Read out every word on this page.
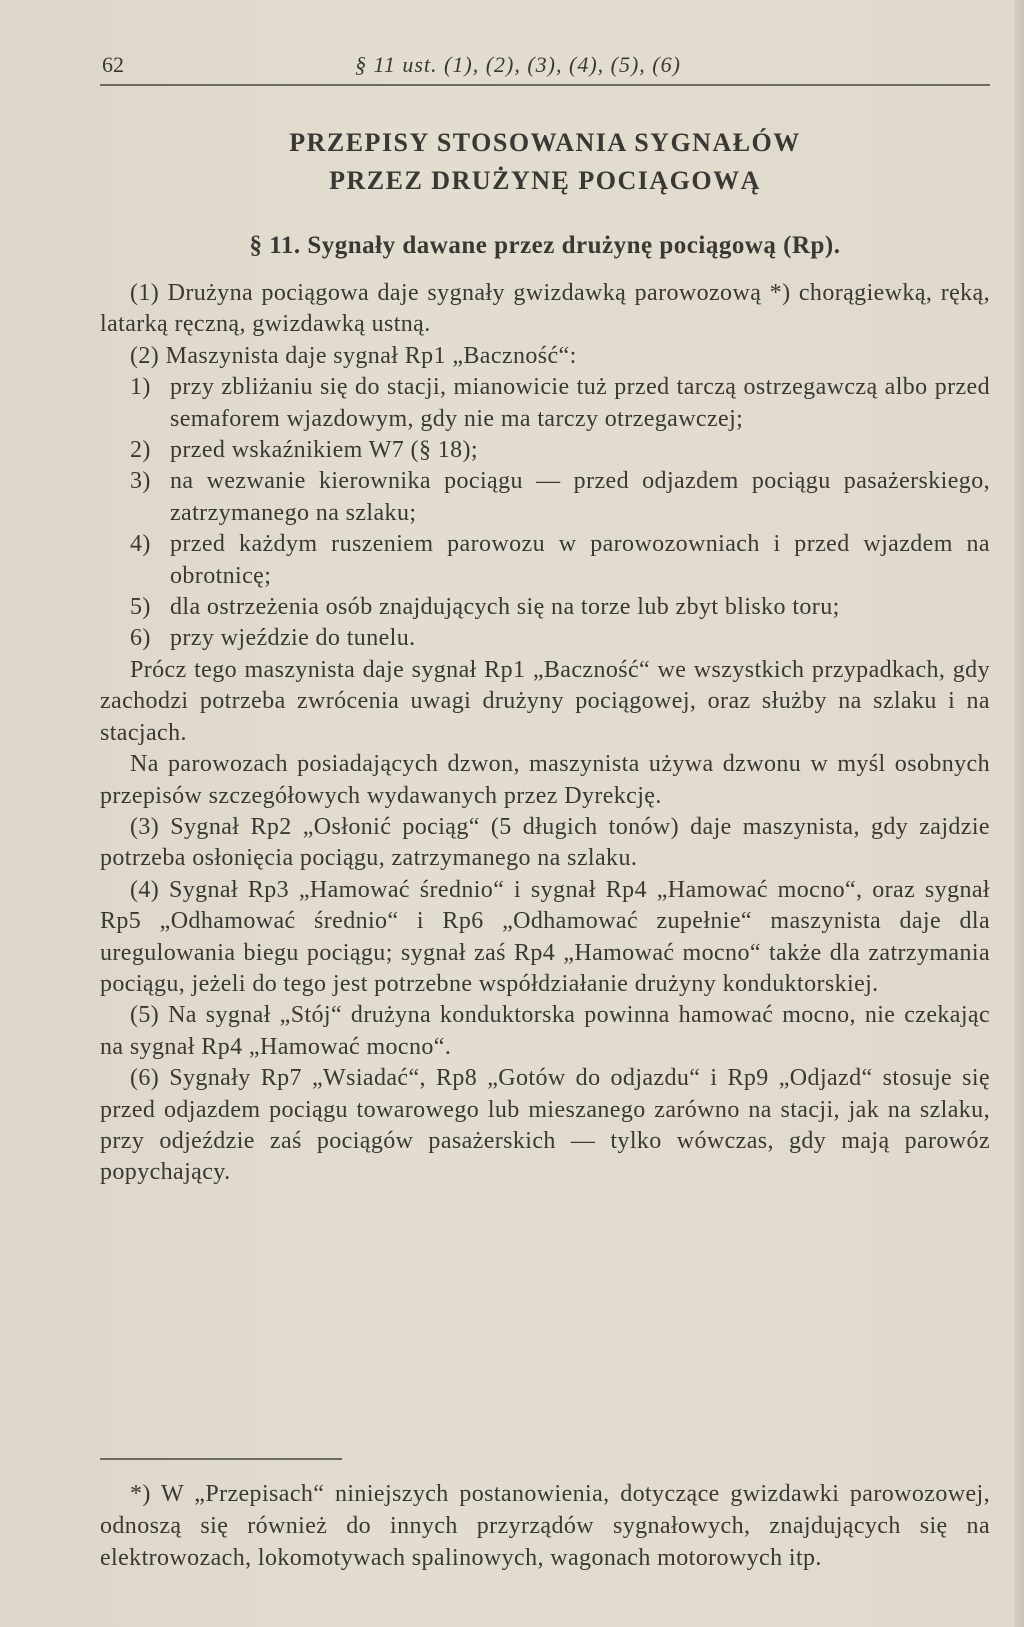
62	§ 11 ust. (1), (2), (3), (4), (5), (6)
PRZEPISY STOSOWANIA SYGNAŁÓW
PRZEZ DRUŻYNĘ POCIĄGOWĄ
§ 11. Sygnały dawane przez drużynę pociągową (Rp).

(1) Drużyna pociągowa daje sygnały gwizdawką parowozową *) chorągiewką, ręką, latarką ręczną, gwizdawką ustną.

(2) Maszynista daje sygnał Rp1 „Baczność“:

1) przy zbliżaniu się do stacji, mianowicie tuż przed tarczą ostrzegawczą albo przed semaforem wjazdowym, gdy nie ma tarczy otrzegawczej;
2) przed wskaźnikiem W7 (§ 18);
3) na wezwanie kierownika pociągu — przed odjazdem pociągu pasażerskiego, zatrzymanego na szlaku;
4) przed każdym ruszeniem parowozu w parowozowniach i przed wjazdem na obrotnicę;
5) dla ostrzeżenia osób znajdujących się na torze lub zbyt blisko toru;
6) przy wjeździe do tunelu.

Prócz tego maszynista daje sygnał Rp1 „Baczność“ we wszystkich przypadkach, gdy zachodzi potrzeba zwrócenia uwagi drużyny pociągowej, oraz służby na szlaku i na stacjach.

Na parowozach posiadających dzwon, maszynista używa dzwonu w myśl osobnych przepisów szczegółowych wydawanych przez Dyrekcję.

(3) Sygnał Rp2 „Osłonić pociąg“ (5 długich tonów) daje maszynista, gdy zajdzie potrzeba osłonięcia pociągu, zatrzymanego na szlaku.

(4) Sygnał Rp3 „Hamować średnio“ i sygnał Rp4 „Hamować mocno“, oraz sygnał Rp5 „Odhamować średnio“ i Rp6 „Odhamować zupełnie“ maszynista daje dla uregulowania biegu pociągu; sygnał zaś Rp4 „Hamować mocno“ także dla zatrzymania pociągu, jeżeli do tego jest potrzebne współdziałanie drużyny konduktorskiej.

(5) Na sygnał „Stój“ drużyna konduktorska powinna hamować mocno, nie czekając na sygnał Rp4 „Hamować mocno“.

(6) Sygnały Rp7 „Wsiadać“, Rp8 „Gotów do odjazdu“ i Rp9 „Odjazd“ stosuje się przed odjazdem pociągu towarowego lub mieszanego zarówno na stacji, jak na szlaku, przy odjeździe zaś pociągów pasażerskich — tylko wówczas, gdy mają parowóz popychający.

*) W „Przepisach“ niniejszych postanowienia, dotyczące gwizdawki parowozowej, odnoszą się również do innych przyrządów sygnałowych, znajdujących się na elektrowozach, lokomotywach spalinowych, wagonach motorowych itp.
